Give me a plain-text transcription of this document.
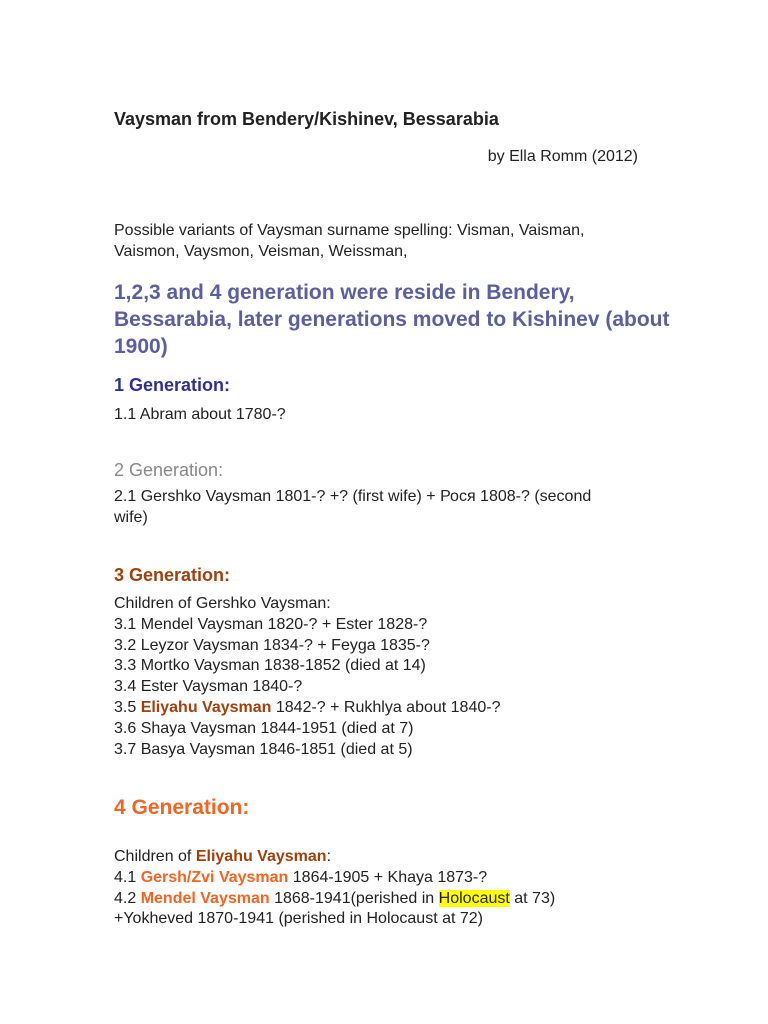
Vaysman from Bendery/Kishinev, Bessarabia
by Ella Romm (2012)
Possible variants of Vaysman surname spelling: Visman, Vaisman, Vaismon, Vaysmon, Veisman, Weissman,
1,2,3 and 4 generation were reside in Bendery, Bessarabia, later generations moved to Kishinev (about 1900)
1 Generation:
1.1 Abram about 1780-?
2 Generation:
2.1 Gershko Vaysman 1801-? +? (first wife) + Рося 1808-? (second
wife)
3 Generation:
Children of Gershko Vaysman:
3.1 Mendel Vaysman 1820-? + Ester 1828-?
3.2 Leyzor Vaysman 1834-? + Feyga 1835-?
3.3 Mortko Vaysman 1838-1852 (died at 14)
3.4 Ester Vaysman 1840-?
3.5 Eliyahu Vaysman 1842-? + Rukhlya about 1840-?
3.6 Shaya Vaysman 1844-1951 (died at 7)
3.7 Basya Vaysman 1846-1851 (died at 5)
4 Generation:
Children of Eliyahu Vaysman:
4.1 Gersh/Zvi Vaysman 1864-1905 + Khaya 1873-?
4.2 Mendel Vaysman 1868-1941(perished in Holocaust at 73)
+Yokheved 1870-1941 (perished in Holocaust at 72)
